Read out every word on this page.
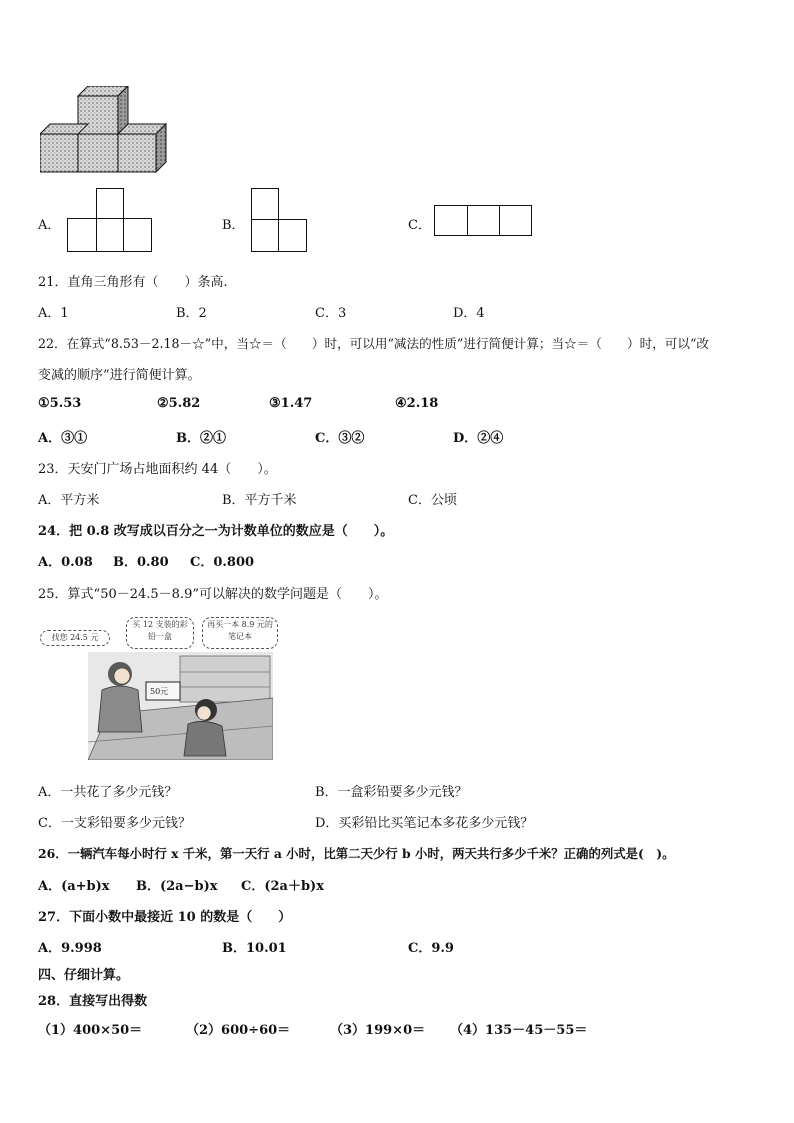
A．	B．	C．
21．直角三角形有（　　）条高.
A．1	B．2	C．3	D．4
22．在算式“8.53－2.18－☆”中，当☆＝（　　）时，可以用“减法的性质”进行简便计算；当☆＝（　　）时，可以“改
变减的顺序”进行简便计算。
①5.53	②5.82	③1.47	④2.18
A．③①	B．②①	C．③②	D．②④
23．天安门广场占地面积约 44（　　）。
A．平方米	B．平方千米	C．公顷
24．把 0.8 改写成以百分之一为计数单位的数应是（　　）。
A．0.08 B．0.80 C．0.800
25．算式“50－24.5－8.9”可以解决的数学问题是（　　）。
50元
找您 24.5 元
买 12 支装的彩铅一盒
再买一本 8.9 元的笔记本
A．一共花了多少元钱？	B．一盒彩铅要多少元钱？
C．一支彩铅要多少元钱？	D．买彩铅比买笔记本多花多少元钱？
26．一辆汽车每小时行 x 千米，第一天行 a 小时，比第二天少行 b 小时，两天共行多少千米？正确的列式是(　)。
A．(a+b)x B．(2a−b)x C．(2a＋b)x
27．下面小数中最接近 10 的数是（　　）
A．9.998	B．10.01	C．9.9
四、仔细计算。
28．直接写出得数
（1）400×50＝	（2）600÷60＝	（3）199×0＝ （4）135－45－55＝
